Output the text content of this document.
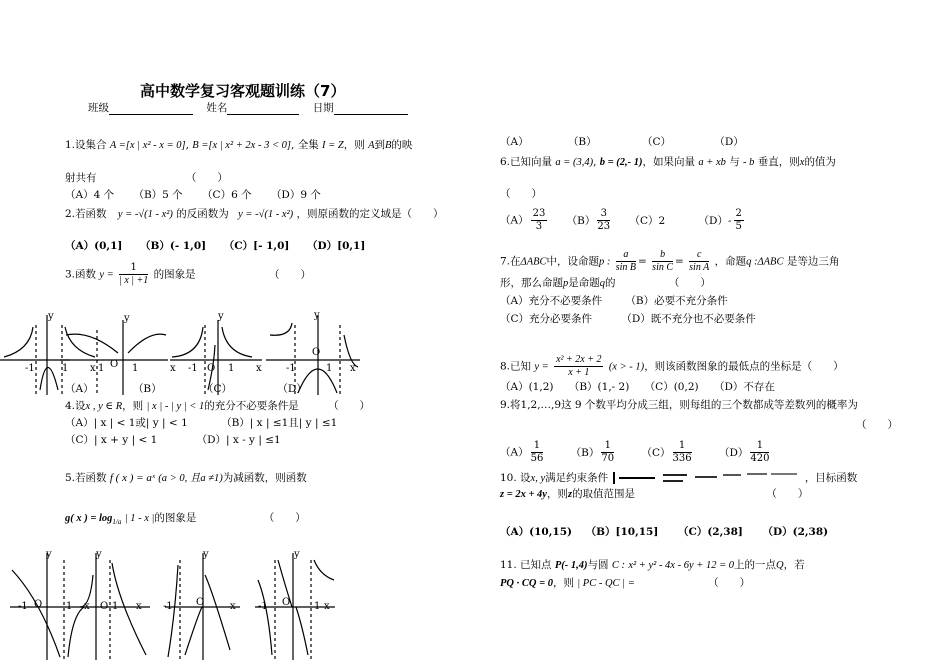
高中数学复习客观题训练（7）
班级	姓名	日期
1.设集合 A =[x | x² - x = 0], B =[x | x² + 2x - 3 < 0], 全集 I = Z，则 A到B的映
射共有	（　　）
（A）4 个 （B）5 个 （C）6 个 （D）9 个
2.若函数 y = -√(1 - x²) 的反函数为 y = -√(1 - x²) ，则原函数的定义域是（　　）
（A）(0,1] （B）(- 1,0] （C）[- 1,0] （D）[0,1]
3.函数 $y = \frac{1}{| x | +1}$ 的图象是	（　　）
y
-1	1 x
y
O
1	1	x
y
-1 O 1 x
y
O
-1	1 x
（A）	（B）	（C）	（D）
4.设x , y ∈ R，则 | x | - | y | < 1的充分不必要条件是	（　　）
（A）| x | < 1或| y | < 1	（B）| x | ≤1且| y | ≤1
（C）| x + y | < 1	（D）| x - y | ≤1
5.若函数 f ( x ) = aˣ (a > 0, 且a ≠1)为减函数，则函数
g( x ) = $\log_{1/a}$ | 1 - x |的图象是	（　　）
y
-1 O 1 x
y
O 1 x
y
-1 O	x
y
-1 O 1 x
（A）	（B）	（C）	（D）
6.已知向量 a = (3,4), b = (2,- 1)，如果向量 a + xb 与 - b 垂直，则x的值为
（　　）
$(A) \frac{23}{3} (B) \frac{3}{23} (C)2$	$(D)- \frac{2}{5}$
7.在ΔABC中，设命题p : $\frac{a}{\text{sin B}} = \frac{b}{\text{sin C}} = \frac{c}{\text{sin A}}$ ，命题q :ΔABC 是等边三角
形，那么命题p是命题q的	（　　）
（A）充分不必要条件 （B）必要不充分条件
（C）充分必要条件	（D）既不充分也不必要条件
8.已知 $y = \frac{\text{x² + 2x + 2}}{x + 1} (x$ > - 1)，则该函数图象的最低点的坐标是（　　）
（A）(1,2) （B）(1,- 2) （C）(0,2) （D）不存在
9.将1,2,…,9这 9 个数平均分成三组，则每组的三个数都成等差数列的概率为
（　　）
$(A) \frac{1}{56}$	$(B) \frac{1}{70}$	$(C) \frac{1}{336}$	$(D) \frac{1}{420}$
10. 设x, y满足约束条件	，目标函数
z = 2x + 4y，则z的取值范围是	（　　）
（A）(10,15) （B）[10,15] （C）(2,38] （D）(2,38)
11. 已知点 P(- 1,4)与圆 C : x² + y² - 4x - 6y + 12 = 0上的一点Q，若
PQ · CQ = 0，则 | PC - QC | =	（　　）
